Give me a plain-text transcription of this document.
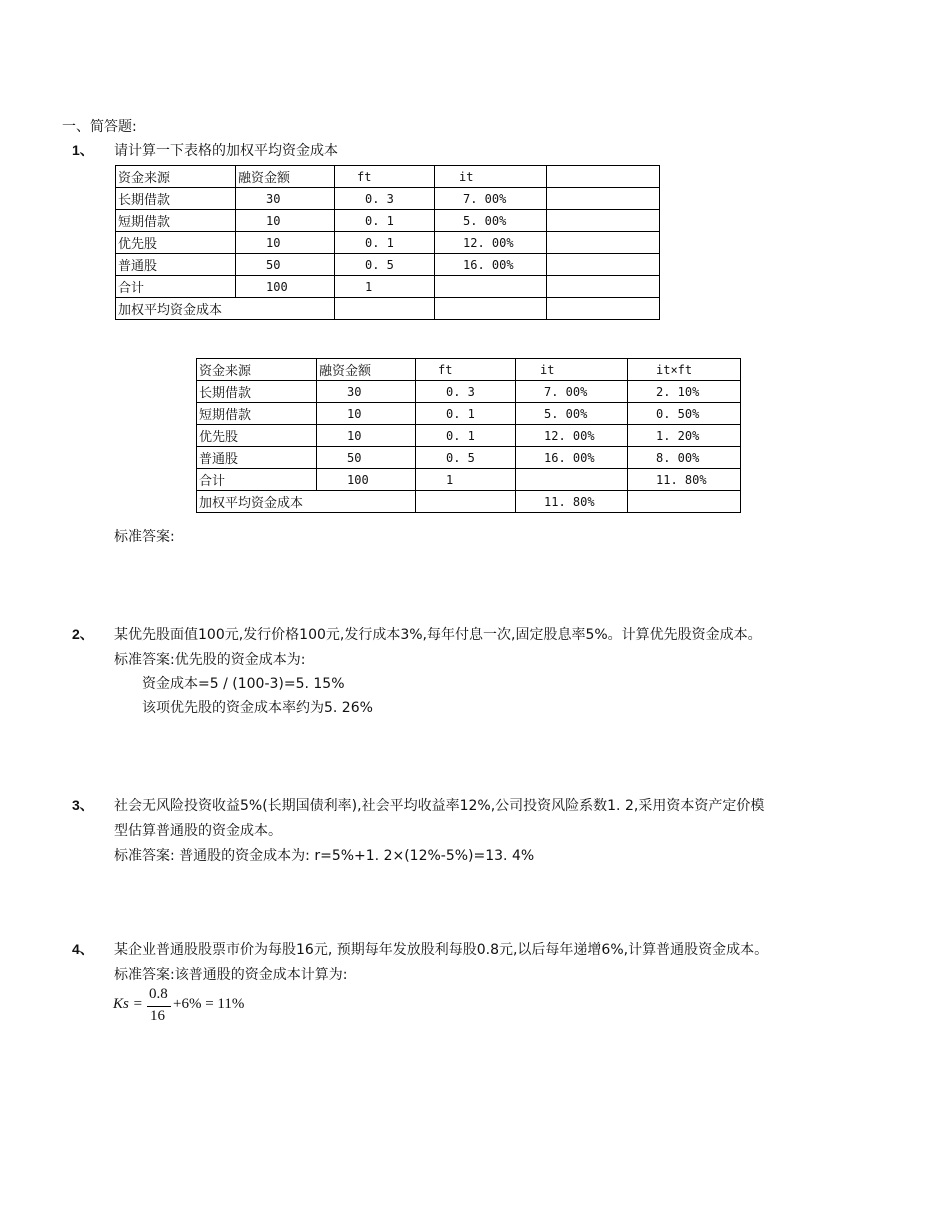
一、简答题:
1、 请计算一下表格的加权平均资金成本
资金来源	融资金额	ft	it	
长期借款	30	0. 3	7. 00%	
短期借款	10	0. 1	5. 00%	
优先股	10	0. 1	12. 00%	
普通股	50	0. 5	16. 00%	
合计	100	1		
加权平均资金成本				
资金来源	融资金额	ft	it	it×ft
长期借款	30	0. 3	7. 00%	2. 10%
短期借款	10	0. 1	5. 00%	0. 50%
优先股	10	0. 1	12. 00%	1. 20%
普通股	50	0. 5	16. 00%	8. 00%
合计	100	1		11. 80%
加权平均资金成本			11. 80%	
标准答案:
2、 某优先股面值100元,发行价格100元,发行成本3%,每年付息一次,固定股息率5%。计算优先股资金成本。
标准答案:优先股的资金成本为:
资金成本=5 / (100-3)=5. 15%
该项优先股的资金成本率约为5. 26%
3、 社会无风险投资收益5%(长期国债利率),社会平均收益率12%,公司投资风险系数1. 2,采用资本资产定价模
型估算普通股的资金成本。
标准答案: 普通股的资金成本为: r=5%+1. 2×(12%-5%)=13. 4%
4、 某企业普通股股票市价为每股16元, 预期每年发放股利每股0.8元,以后每年递增6%,计算普通股资金成本。
标准答案:该普通股的资金成本计算为:
Ks =
0.8
16
+6% = 11%
